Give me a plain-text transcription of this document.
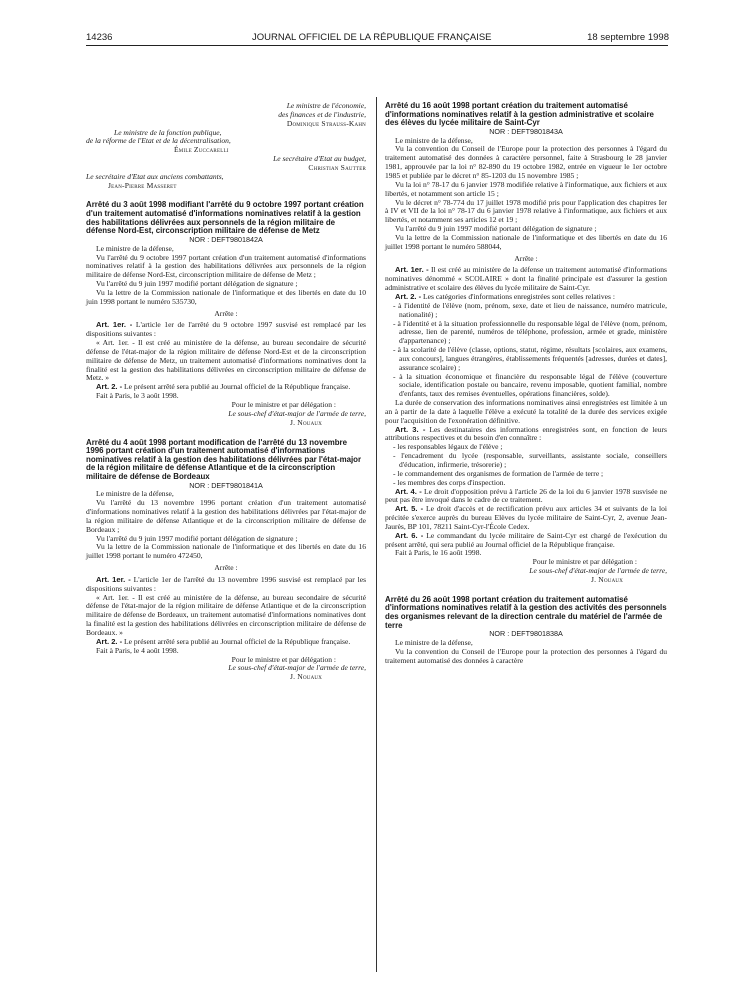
14236	JOURNAL OFFICIEL DE LA RÉPUBLIQUE FRANÇAISE	18 septembre 1998

Le ministre de l'économie,

des finances et de l'industrie,

Dominique Strauss-Kahn

Le ministre de la fonction publique,

de la réforme de l'Etat et de la décentralisation,

Émile Zuccarelli

Le secrétaire d'Etat au budget,

Christian Sautter

Le secrétaire d'Etat aux anciens combattants,

Jean-Pierre Masseret

Arrêté du 3 août 1998 modifiant l'arrêté du 9 octobre 1997 portant création d'un traitement automatisé d'informations nominatives relatif à la gestion des habilitations délivrées aux personnels de la région militaire de défense Nord-Est, circonscription militaire de défense de Metz

NOR : DEFT9801842A

Le ministre de la défense,

Vu l'arrêté du 9 octobre 1997 portant création d'un traitement automatisé d'informations nominatives relatif à la gestion des habilitations délivrées aux personnels de la région militaire de défense Nord-Est, circonscription militaire de défense de Metz ;

Vu l'arrêté du 9 juin 1997 modifié portant délégation de signature ;

Vu la lettre de la Commission nationale de l'informatique et des libertés en date du 10 juin 1998 portant le numéro 535730,

Arrête :

Art. 1er. - L'article 1er de l'arrêté du 9 octobre 1997 susvisé est remplacé par les dispositions suivantes :

« Art. 1er. - Il est créé au ministère de la défense, au bureau secondaire de sécurité défense de l'état-major de la région militaire de défense Nord-Est et de la circonscription militaire de défense de Metz, un traitement automatisé d'informations nominatives dont la finalité est la gestion des habilitations délivrées en circonscription militaire de défense de Metz. »

Art. 2. - Le présent arrêté sera publié au Journal officiel de la République française.

Fait à Paris, le 3 août 1998.

Pour le ministre et par délégation :

Le sous-chef d'état-major de l'armée de terre,

J. Nouaux

Arrêté du 4 août 1998 portant modification de l'arrêté du 13 novembre 1996 portant création d'un traitement automatisé d'informations nominatives relatif à la gestion des habilitations délivrées par l'état-major de la région militaire de défense Atlantique et de la circonscription militaire de défense de Bordeaux

NOR : DEFT9801841A

Le ministre de la défense,

Vu l'arrêté du 13 novembre 1996 portant création d'un traitement automatisé d'informations nominatives relatif à la gestion des habilitations délivrées par l'état-major de la région militaire de défense Atlantique et de la circonscription militaire de défense de Bordeaux ;

Vu l'arrêté du 9 juin 1997 modifié portant délégation de signature ;

Vu la lettre de la Commission nationale de l'informatique et des libertés en date du 16 juillet 1998 portant le numéro 472450,

Arrête :

Art. 1er. - L'article 1er de l'arrêté du 13 novembre 1996 susvisé est remplacé par les dispositions suivantes :

« Art. 1er. - Il est créé au ministère de la défense, au bureau secondaire de sécurité défense de l'état-major de la région militaire de défense Atlantique et de la circonscription militaire de défense de Bordeaux, un traitement automatisé d'informations nominatives dont la finalité est la gestion des habilitations délivrées en circonscription militaire de défense de Bordeaux. »

Art. 2. - Le présent arrêté sera publié au Journal officiel de la République française.

Fait à Paris, le 4 août 1998.

Pour le ministre et par délégation :

Le sous-chef d'état-major de l'armée de terre,

J. Nouaux

Arrêté du 16 août 1998 portant création du traitement automatisé d'informations nominatives relatif à la gestion administrative et scolaire des élèves du lycée militaire de Saint-Cyr

NOR : DEFT9801843A

Le ministre de la défense,

Vu la convention du Conseil de l'Europe pour la protection des personnes à l'égard du traitement automatisé des données à caractère personnel, faite à Strasbourg le 28 janvier 1981, approuvée par la loi n° 82-890 du 19 octobre 1982, entrée en vigueur le 1er octobre 1985 et publiée par le décret n° 85-1203 du 15 novembre 1985 ;

Vu la loi n° 78-17 du 6 janvier 1978 modifiée relative à l'informatique, aux fichiers et aux libertés, et notamment son article 15 ;

Vu le décret n° 78-774 du 17 juillet 1978 modifié pris pour l'application des chapitres Ier à IV et VII de la loi n° 78-17 du 6 janvier 1978 relative à l'informatique, aux fichiers et aux libertés, et notamment ses articles 12 et 19 ;

Vu l'arrêté du 9 juin 1997 modifié portant délégation de signature ;

Vu la lettre de la Commission nationale de l'informatique et des libertés en date du 16 juillet 1998 portant le numéro 588044,

Arrête :

Art. 1er. - Il est créé au ministère de la défense un traitement automatisé d'informations nominatives dénommé « SCOLAIRE » dont la finalité principale est d'assurer la gestion administrative et scolaire des élèves du lycée militaire de Saint-Cyr.

Art. 2. - Les catégories d'informations enregistrées sont celles relatives :

- à l'identité de l'élève (nom, prénom, sexe, date et lieu de naissance, numéro matricule, nationalité) ;

- à l'identité et à la situation professionnelle du responsable légal de l'élève (nom, prénom, adresse, lien de parenté, numéros de téléphone, profession, armée et grade, ministère d'appartenance) ;

- à la scolarité de l'élève (classe, options, statut, régime, résultats [scolaires, aux examens, aux concours], langues étrangères, établissements fréquentés [adresses, durées et dates], assurance scolaire) ;

- à la situation économique et financière du responsable légal de l'élève (couverture sociale, identification postale ou bancaire, revenu imposable, quotient familial, nombre d'enfants, taux des remises éventuelles, opérations financières, solde).

La durée de conservation des informations nominatives ainsi enregistrées est limitée à un an à partir de la date à laquelle l'élève a exécuté la totalité de la durée des services exigée pour l'acquisition de l'exonération définitive.

Art. 3. - Les destinataires des informations enregistrées sont, en fonction de leurs attributions respectives et du besoin d'en connaître :

- les responsables légaux de l'élève ;

- l'encadrement du lycée (responsable, surveillants, assistante sociale, conseillers d'éducation, infirmerie, trésorerie) ;

- le commandement des organismes de formation de l'armée de terre ;

- les membres des corps d'inspection.

Art. 4. - Le droit d'opposition prévu à l'article 26 de la loi du 6 janvier 1978 susvisée ne peut pas être invoqué dans le cadre de ce traitement.

Art. 5. - Le droit d'accès et de rectification prévu aux articles 34 et suivants de la loi précitée s'exerce auprès du bureau Elèves du lycée militaire de Saint-Cyr, 2, avenue Jean-Jaurès, BP 101, 78211 Saint-Cyr-l'École Cedex.

Art. 6. - Le commandant du lycée militaire de Saint-Cyr est chargé de l'exécution du présent arrêté, qui sera publié au Journal officiel de la République française.

Fait à Paris, le 16 août 1998.

Pour le ministre et par délégation :

Le sous-chef d'état-major de l'armée de terre,

J. Nouaux

Arrêté du 26 août 1998 portant création du traitement automatisé d'informations nominatives relatif à la gestion des activités des personnels des organismes relevant de la direction centrale du matériel de l'armée de terre

NOR : DEFT9801838A

Le ministre de la défense,

Vu la convention du Conseil de l'Europe pour la protection des personnes à l'égard du traitement automatisé des données à caractère
